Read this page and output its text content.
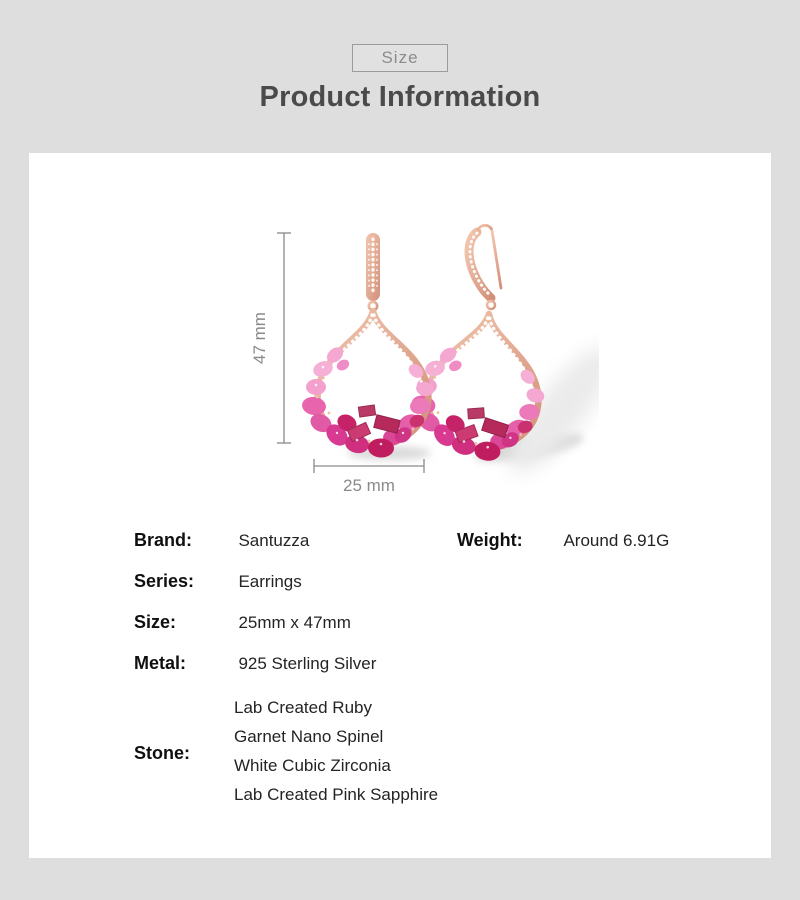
Size
Product Information
47 mm
25 mm
Brand:	Santuzza	Weight: Around 6.91G
Series:	Earrings
Size:	25mm x 47mm
Metal:	925 Sterling Silver
Stone:
Lab Created Ruby
Garnet Nano Spinel
White Cubic Zirconia
Lab Created Pink Sapphire
